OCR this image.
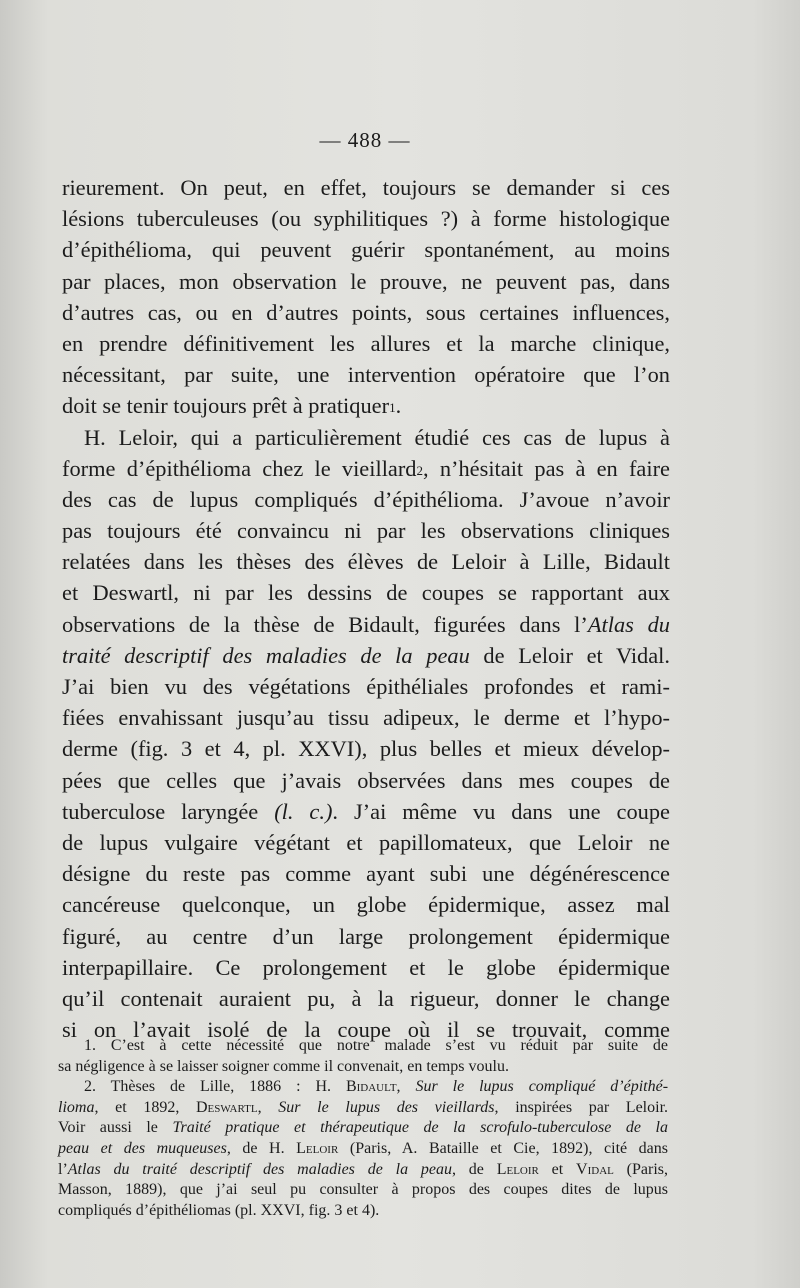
— 488 —
rieurement. On peut, en effet, toujours se demander si ces
lésions tuberculeuses (ou syphilitiques ?) à forme histologique
d’épithélioma, qui peuvent guérir spontanément, au moins
par places, mon observation le prouve, ne peuvent pas, dans
d’autres cas, ou en d’autres points, sous certaines influences,
en prendre définitivement les allures et la marche clinique,
nécessitant, par suite, une intervention opératoire que l’on
doit se tenir toujours prêt à pratiquer1.
H. Leloir, qui a particulièrement étudié ces cas de lupus à
forme d’épithélioma chez le vieillard2, n’hésitait pas à en faire
des cas de lupus compliqués d’épithélioma. J’avoue n’avoir
pas toujours été convaincu ni par les observations cliniques
relatées dans les thèses des élèves de Leloir à Lille, Bidault
et Deswartl, ni par les dessins de coupes se rapportant aux
observations de la thèse de Bidault, figurées dans l’Atlas du
traité descriptif des maladies de la peau de Leloir et Vidal.
J’ai bien vu des végétations épithéliales profondes et rami-
fiées envahissant jusqu’au tissu adipeux, le derme et l’hypo-
derme (fig. 3 et 4, pl. XXVI), plus belles et mieux dévelop-
pées que celles que j’avais observées dans mes coupes de
tuberculose laryngée (l. c.). J’ai même vu dans une coupe
de lupus vulgaire végétant et papillomateux, que Leloir ne
désigne du reste pas comme ayant subi une dégénérescence
cancéreuse quelconque, un globe épidermique, assez mal
figuré, au centre d’un large prolongement épidermique
interpapillaire. Ce prolongement et le globe épidermique
qu’il contenait auraient pu, à la rigueur, donner le change
si on l’avait isolé de la coupe où il se trouvait, comme
1. C’est à cette nécessité que notre malade s’est vu réduit par suite de
sa négligence à se laisser soigner comme il convenait, en temps voulu.
2. Thèses de Lille, 1886 : H. Bidault, Sur le lupus compliqué d’épithé-
lioma, et 1892, Deswartl, Sur le lupus des vieillards, inspirées par Leloir.
Voir aussi le Traité pratique et thérapeutique de la scrofulo-tuberculose de la
peau et des muqueuses, de H. Leloir (Paris, A. Bataille et Cie, 1892), cité dans
l’Atlas du traité descriptif des maladies de la peau, de Leloir et Vidal (Paris,
Masson, 1889), que j’ai seul pu consulter à propos des coupes dites de lupus
compliqués d’épithéliomas (pl. XXVI, fig. 3 et 4).
